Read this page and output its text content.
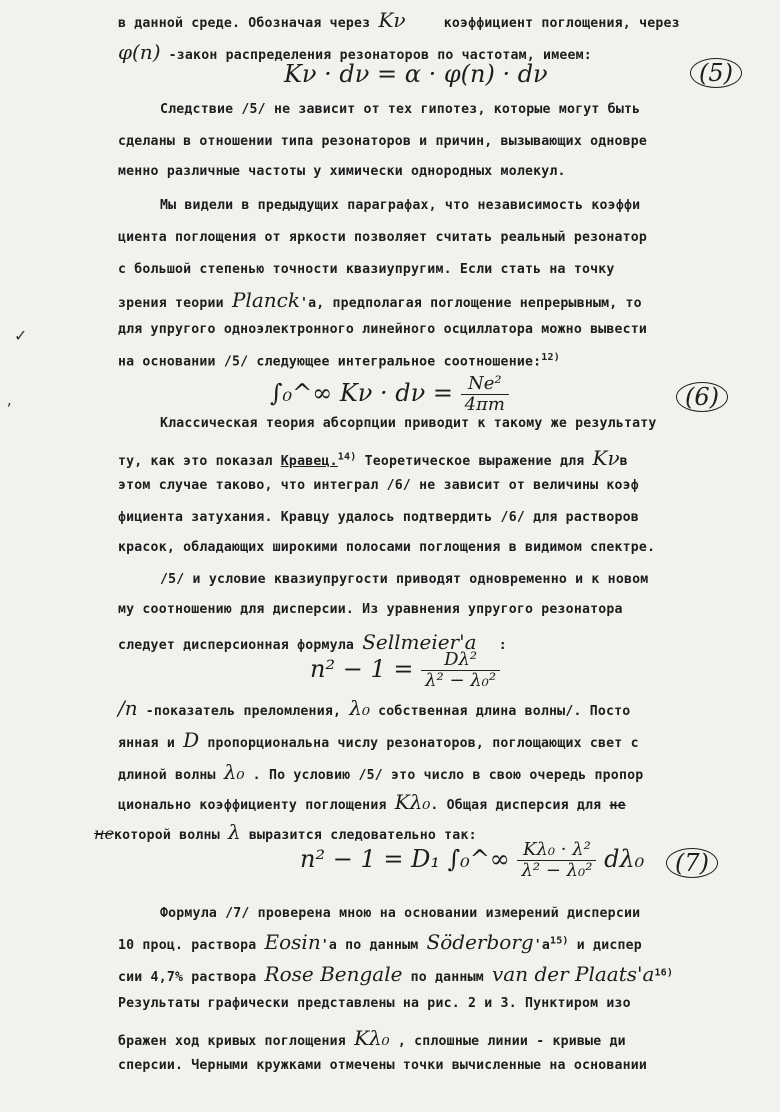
в данной среде. Обозначая через Kν	коэффициент поглощения, через
φ(n) -закон распределения резонаторов по частотам, имеем:
Kν · dν = α · φ(n) · dν	(5)
Следствие /5/ не зависит от тех гипотез, которые могут быть
сделаны в отношении типа резонаторов и причин, вызывающих одновре
менно различные частоты у химически однородных молекул.
Мы видели в предыдущих параграфах, что независимость коэффи
циента поглощения от яркости позволяет считать реальный резонатор
с большой степенью точности квазиупругим. Если стать на точку
зрения теории Planck'а, предполагая поглощение непрерывным, то
для упругого одноэлектронного линейного осциллатора можно вывести
на основании /5/ следующее интегральное соотношение:$^{12)}$
∫₀^∞ $K\nu \cdot d\nu = \frac{\text{Ne²}}{4\pi m}$	(6)
Классическая теория абсорпции приводит к такому же результату
ту, как это показал Кравец.$^{14)}$ Теоретическое выражение для Kνв
этом случае таково, что интеграл /6/ не зависит от величины коэф
фициента затухания. Кравцу удалось подтвердить /6/ для растворов
красок, обладающих широкими полосами поглощения в видимом спектре.
/5/ и условие квазиупругости приводят одновременно и к новом
му соотношению для дисперсии. Из уравнения упругого резонатора
следует дисперсионная формула Sellmeier'a :
$n^2 - 1 = \frac{\text{Dλ²}}{\text{λ² − λ₀²}}$
/n -показатель преломления, λ₀ собственная длина волны/. Посто
янная и D пропорциональна числу резонаторов, поглощающих свет с
длиной волны λ₀ . По условию /5/ это число в свою очередь пропор
ционально коэффициенту поглощения Kλ₀. Общая дисперсия для не
некоторой волны λ выразится следовательно так:
n² − 1 = D₁ ∫₀^∞ $\frac{\text{Kλ₀ · λ²}}{\text{λ² − λ₀²}} d\lambda_0$	(7)
Формула /7/ проверена мною на основании измерений дисперсии
10 проц. раствора Eosin'a по данным $Söderborg'a^{15)}$ и диспер
сии 4,7% раствора Rose Bengale по данным van der $Plaats'a^{16)}$
Результаты графически представлены на рис. 2 и 3. Пунктиром изо
бражен ход кривых поглощения Kλ₀ , сплошные линии - кривые ди
сперсии. Черными кружками отмечены точки вычисленные на основании
✓
ʼ
